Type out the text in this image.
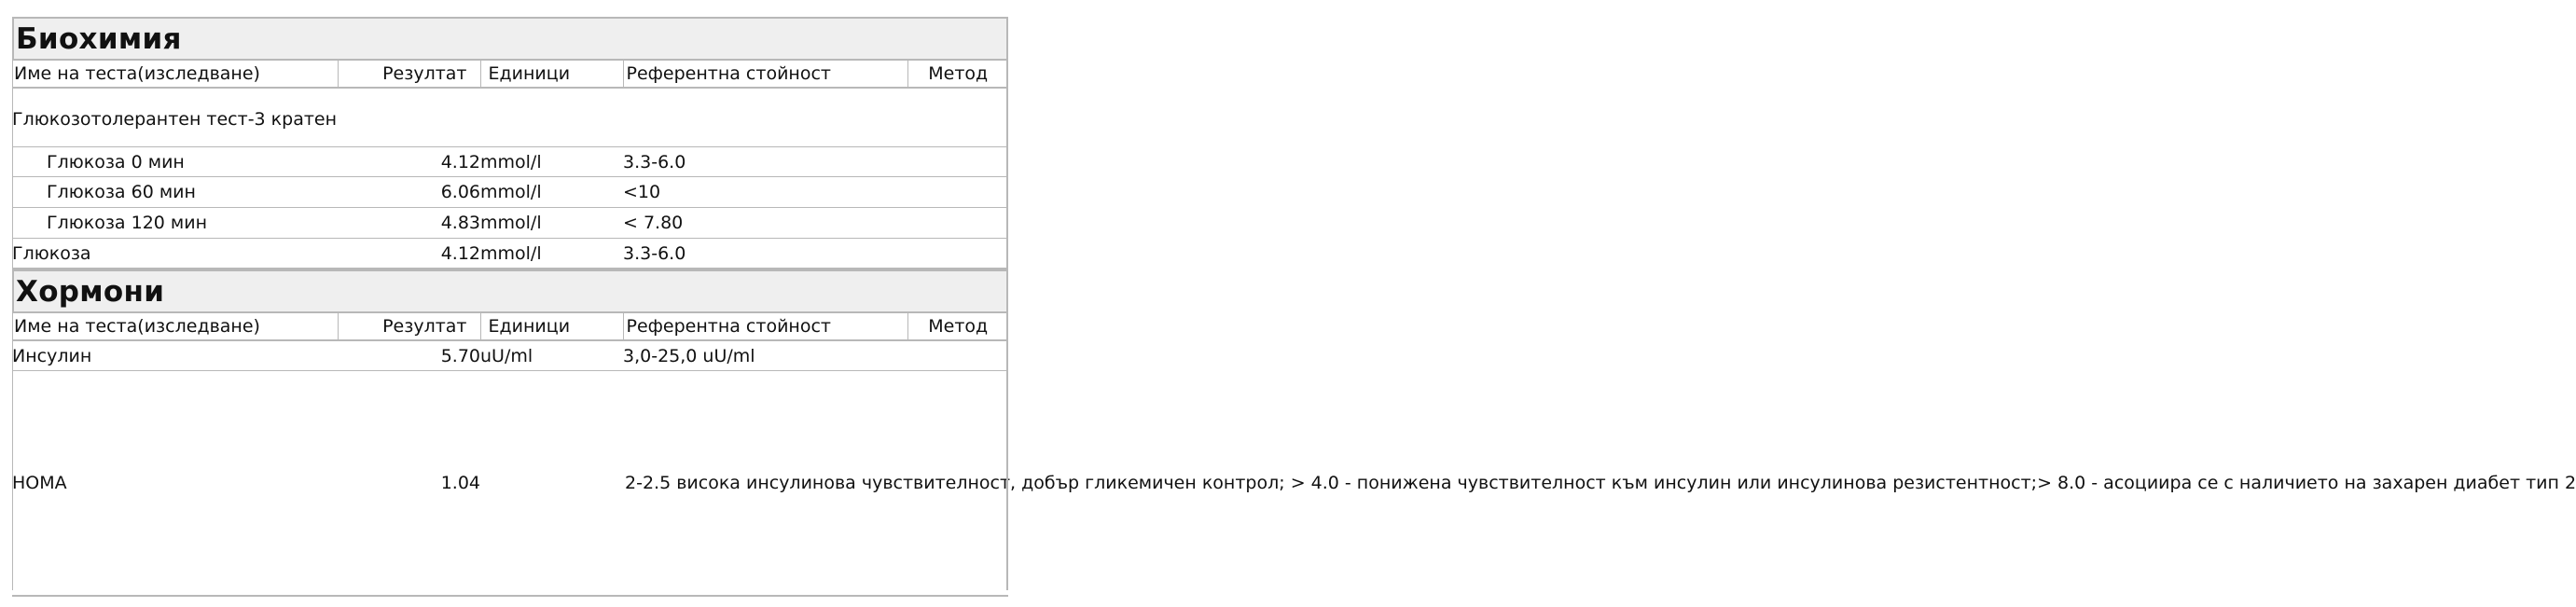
Биохимия
Име на теста(изследване)	Резултат	Единици	Референтна стойност	Метод
Глюкозотолерантен тест-3 кратен				
Глюкоза 0 мин	4.12	mmol/l	3.3-6.0	
Глюкоза 60 мин	6.06	mmol/l	<10	
Глюкоза 120 мин	4.83	mmol/l	< 7.80	
Глюкоза	4.12	mmol/l	3.3-6.0	
Хормони
Име на теста(изследване)	Резултат	Единици	Референтна стойност	Метод
Инсулин	5.70	uU/ml	3,0-25,0 uU/ml	
HOMA	1.04		2-2.5 висока инсулинова чувствителност, добър гликемичен контрол; > 4.0 - понижена чувствителност към инсулин или инсулинова резистентност;> 8.0 - асоциира се с наличието на захарен диабет тип 2	
